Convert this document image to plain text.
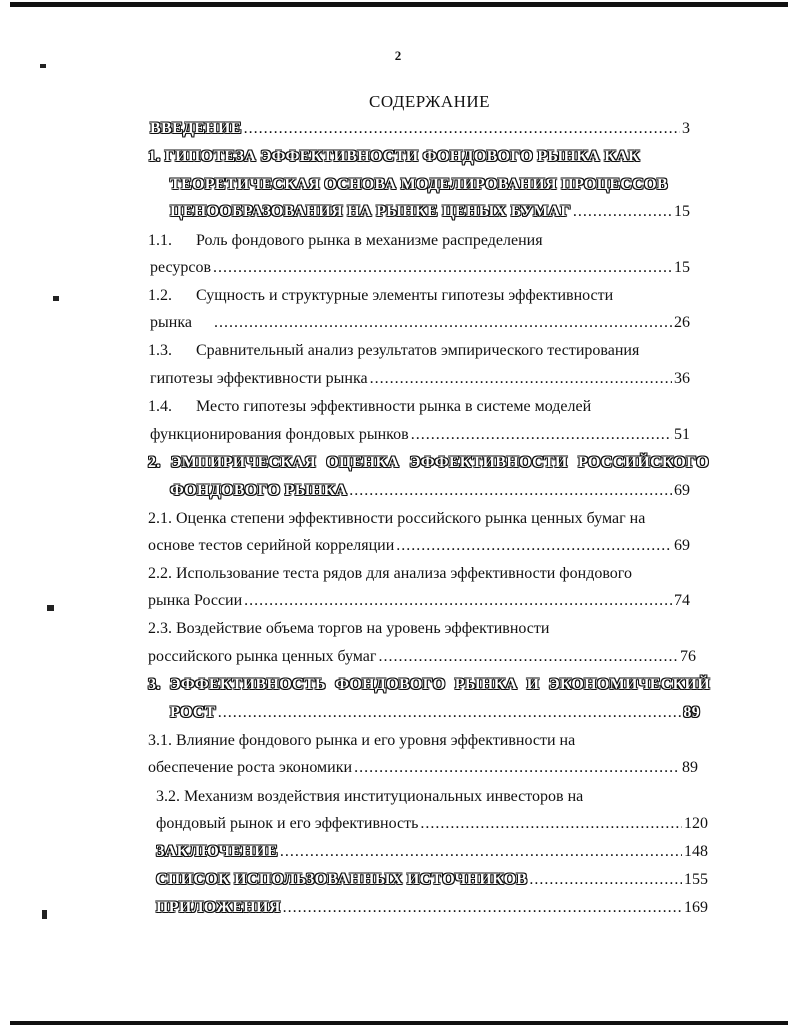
2
СОДЕРЖАНИЕ
ВВЕДЕНИЕ .....	3
1. ГИПОТЕЗА ЭФФЕКТИВНОСТИ ФОНДОВОГО РЫНКА КАК
ТЕОРЕТИЧЕСКАЯ ОСНОВА МОДЕЛИРОВАНИЯ ПРОЦЕССОВ
ЦЕНООБРАЗОВАНИЯ НА РЫНКЕ ЦЕНЫХ БУМАГ .....	15
1.1. Роль фондового рынка в механизме распределения
ресурсов .....	15
1.2. Сущность и структурные элементы гипотезы эффективности
рынка .....	26
1.3. Сравнительный анализ результатов эмпирического тестирования
гипотезы эффективности рынка .....	36
1.4. Место гипотезы эффективности рынка в системе моделей
функционирования фондовых рынков .....	51
2. ЭМПИРИЧЕСКАЯ ОЦЕНКА ЭФФЕКТИВНОСТИ РОССИЙСКОГО
ФОНДОВОГО РЫНКА .....	69
2.1. Оценка степени эффективности российского рынка ценных бумаг на
основе тестов серийной корреляции .....	69
2.2. Использование теста рядов для анализа эффективности фондового
рынка России .....	74
2.3. Воздействие объема торгов на уровень эффективности
российского рынка ценных бумаг .....	76
3. ЭФФЕКТИВНОСТЬ ФОНДОВОГО РЫНКА И ЭКОНОМИЧЕСКИЙ
РОСТ .....	89
3.1. Влияние фондового рынка и его уровня эффективности на
обеспечение роста экономики .....	89
3.2. Механизм воздействия институциональных инвесторов на
фондовый рынок и его эффективность .....	120
ЗАКЛЮЧЕНИЕ .....	148
СПИСОК ИСПОЛЬЗОВАННЫХ ИСТОЧНИКОВ .....	155
ПРИЛОЖЕНИЯ .....	169
